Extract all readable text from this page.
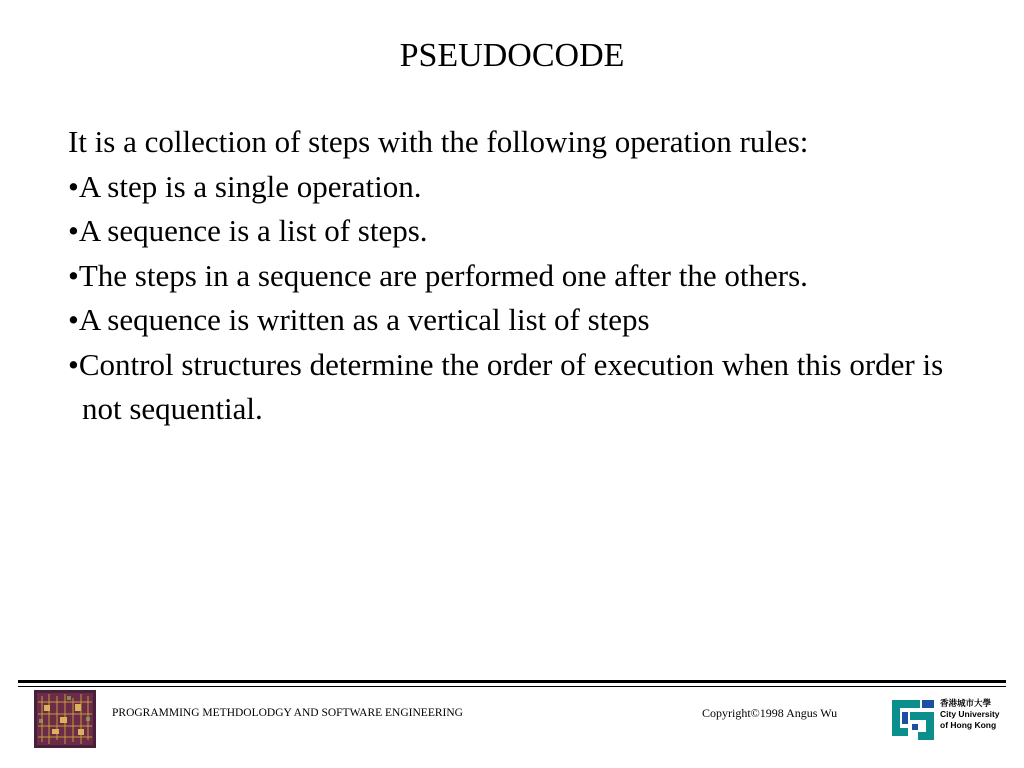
PSEUDOCODE
It is a collection of steps with the following operation rules:
•A step is a single operation.
•A sequence is a list of steps.
•The steps in a sequence are performed one after the others.
•A sequence is written as a vertical list of steps
•Control structures determine the order of execution when this order is not sequential.
PROGRAMMING METHDOLODGY AND SOFTWARE ENGINEERING	Copyright©1998 Angus Wu
香港城市大學
City University
of Hong Kong
